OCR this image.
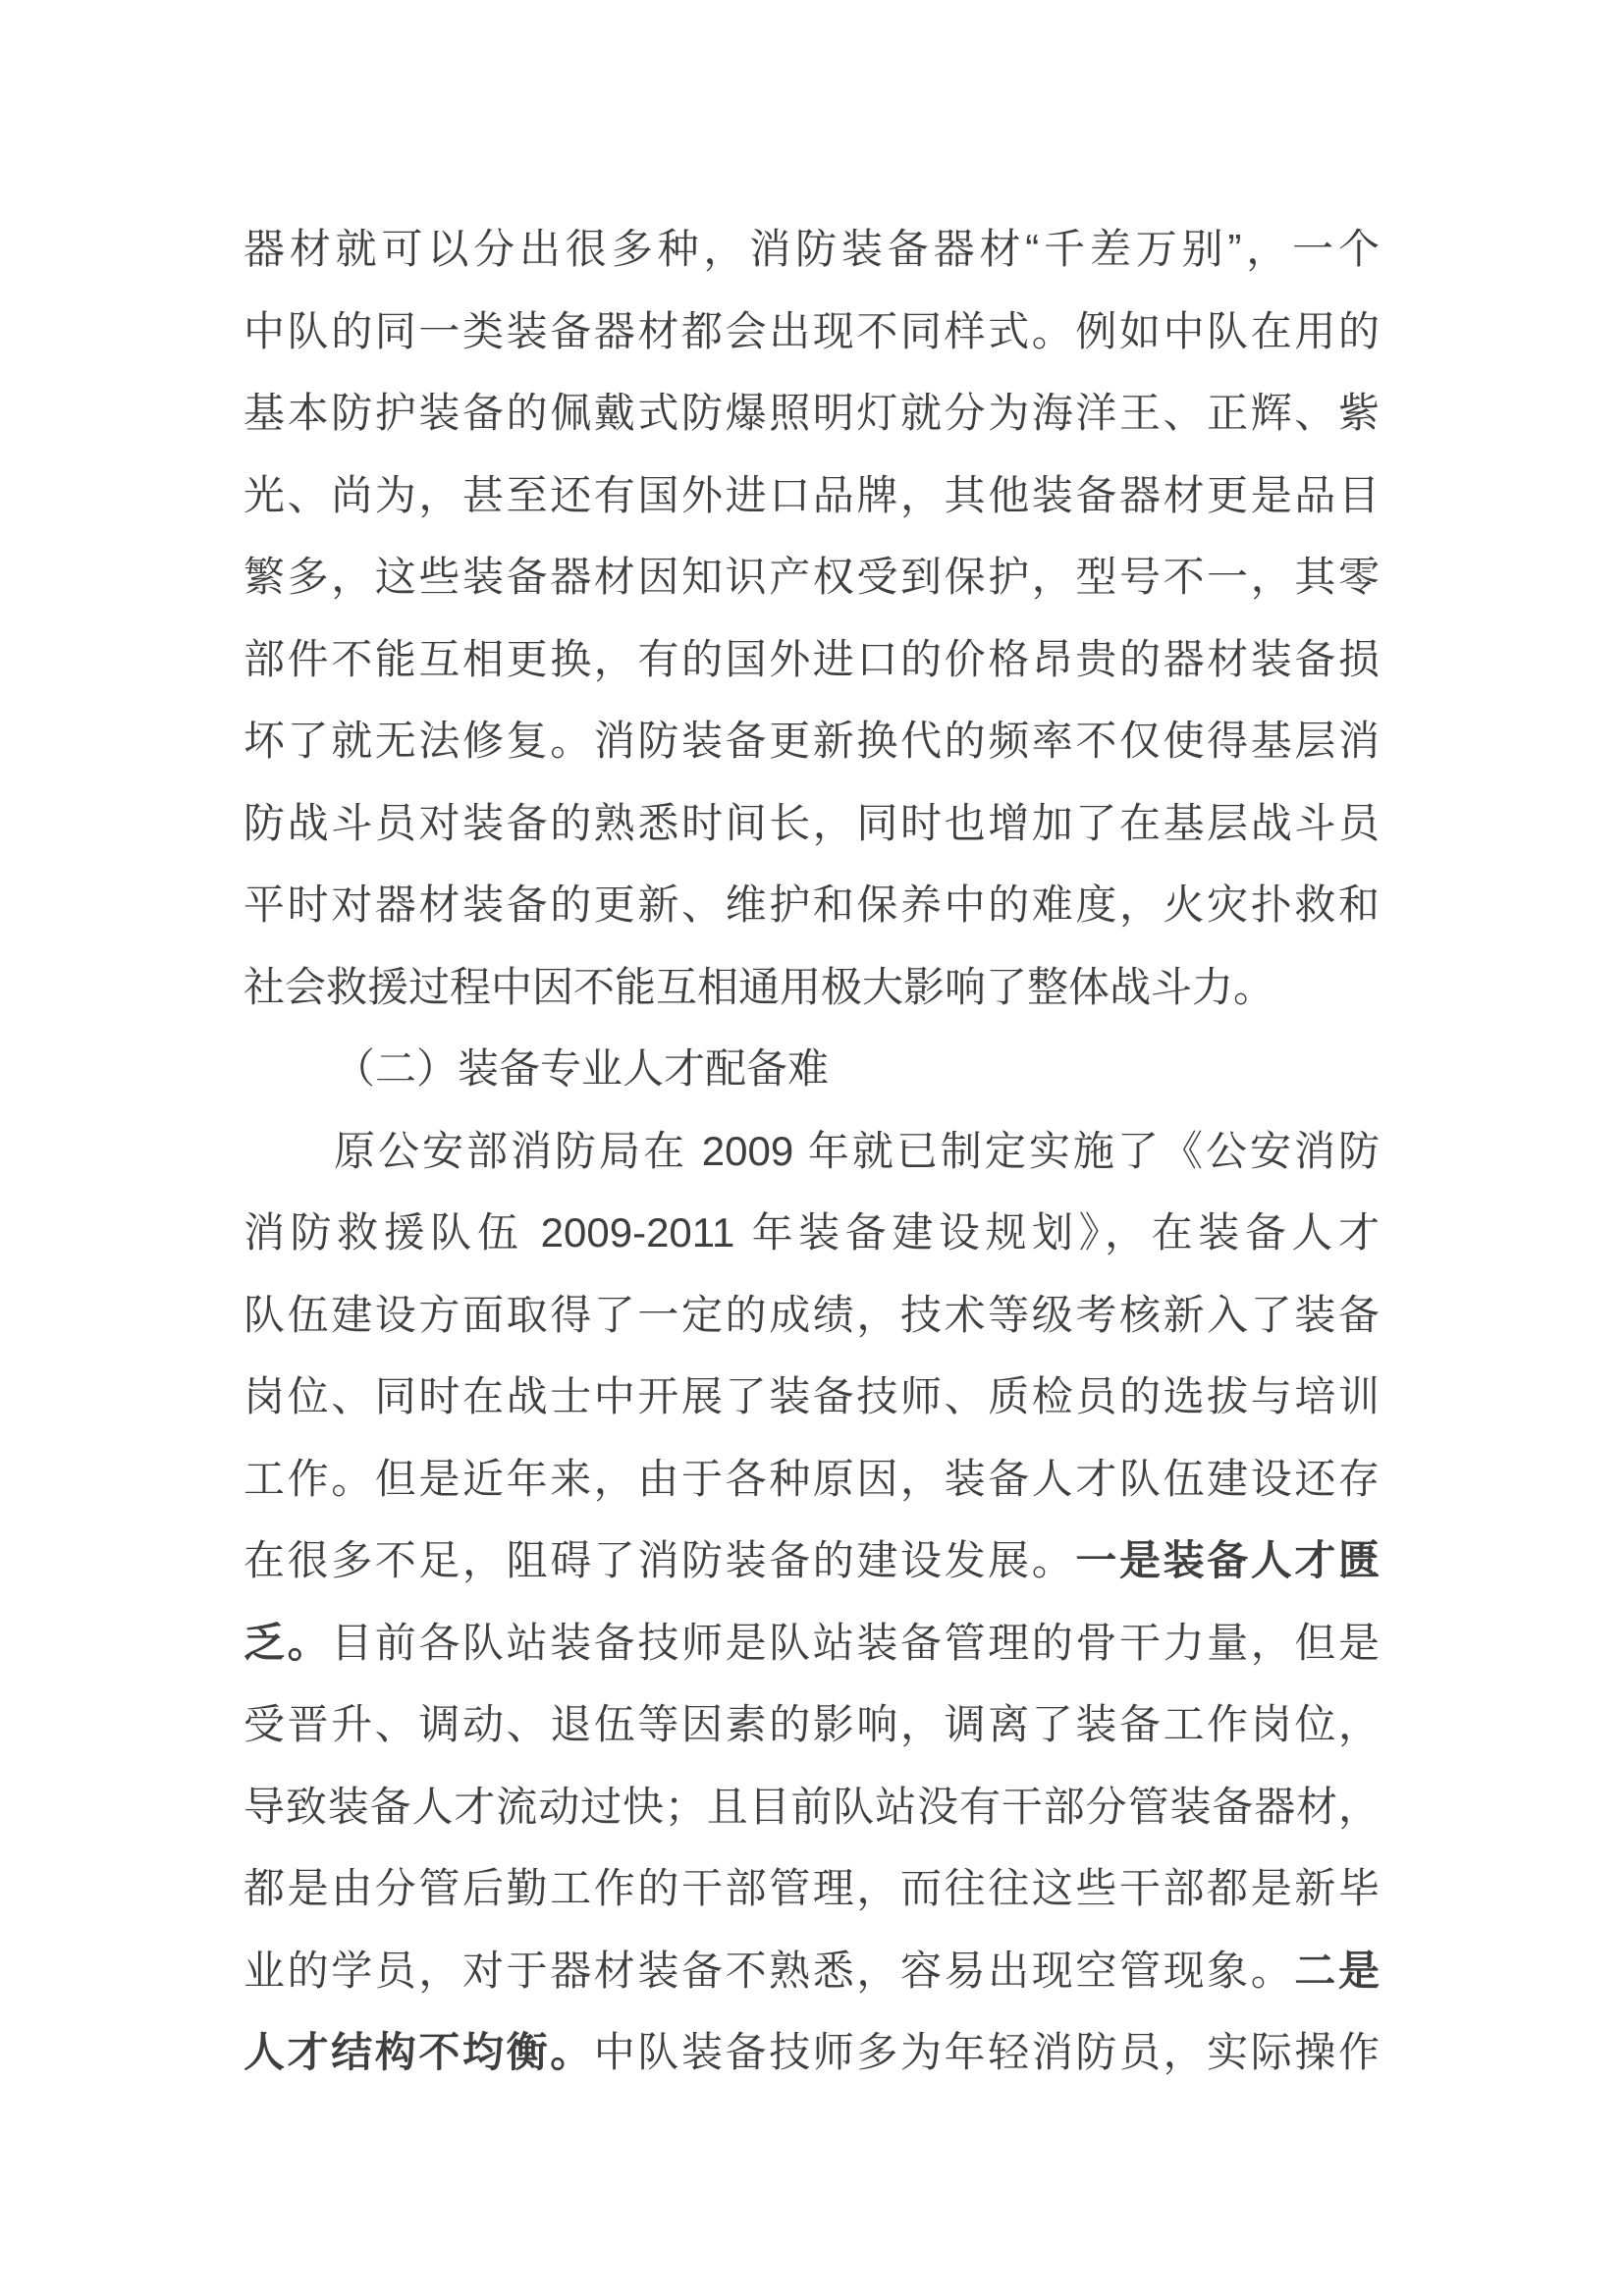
器材就可以分出很多种，消防装备器材“千差万别”，一个
中队的同一类装备器材都会出现不同样式。例如中队在用的
基本防护装备的佩戴式防爆照明灯就分为海洋王、正辉、紫
光、尚为，甚至还有国外进口品牌，其他装备器材更是品目
繁多，这些装备器材因知识产权受到保护，型号不一，其零
部件不能互相更换，有的国外进口的价格昂贵的器材装备损
坏了就无法修复。消防装备更新换代的频率不仅使得基层消
防战斗员对装备的熟悉时间长，同时也增加了在基层战斗员
平时对器材装备的更新、维护和保养中的难度，火灾扑救和
社会救援过程中因不能互相通用极大影响了整体战斗力。
（二）装备专业人才配备难
原公安部消防局在 2009 年就已制定实施了《公安消防
消防救援队伍 2009-2011 年装备建设规划》，在装备人才
队伍建设方面取得了一定的成绩，技术等级考核新入了装备
岗位、同时在战士中开展了装备技师、质检员的选拔与培训
工作。但是近年来，由于各种原因，装备人才队伍建设还存
在很多不足，阻碍了消防装备的建设发展。一是装备人才匮
乏。目前各队站装备技师是队站装备管理的骨干力量，但是
受晋升、调动、退伍等因素的影响，调离了装备工作岗位，
导致装备人才流动过快；且目前队站没有干部分管装备器材，
都是由分管后勤工作的干部管理，而往往这些干部都是新毕
业的学员，对于器材装备不熟悉，容易出现空管现象。二是
人才结构不均衡。中队装备技师多为年轻消防员，实际操作
